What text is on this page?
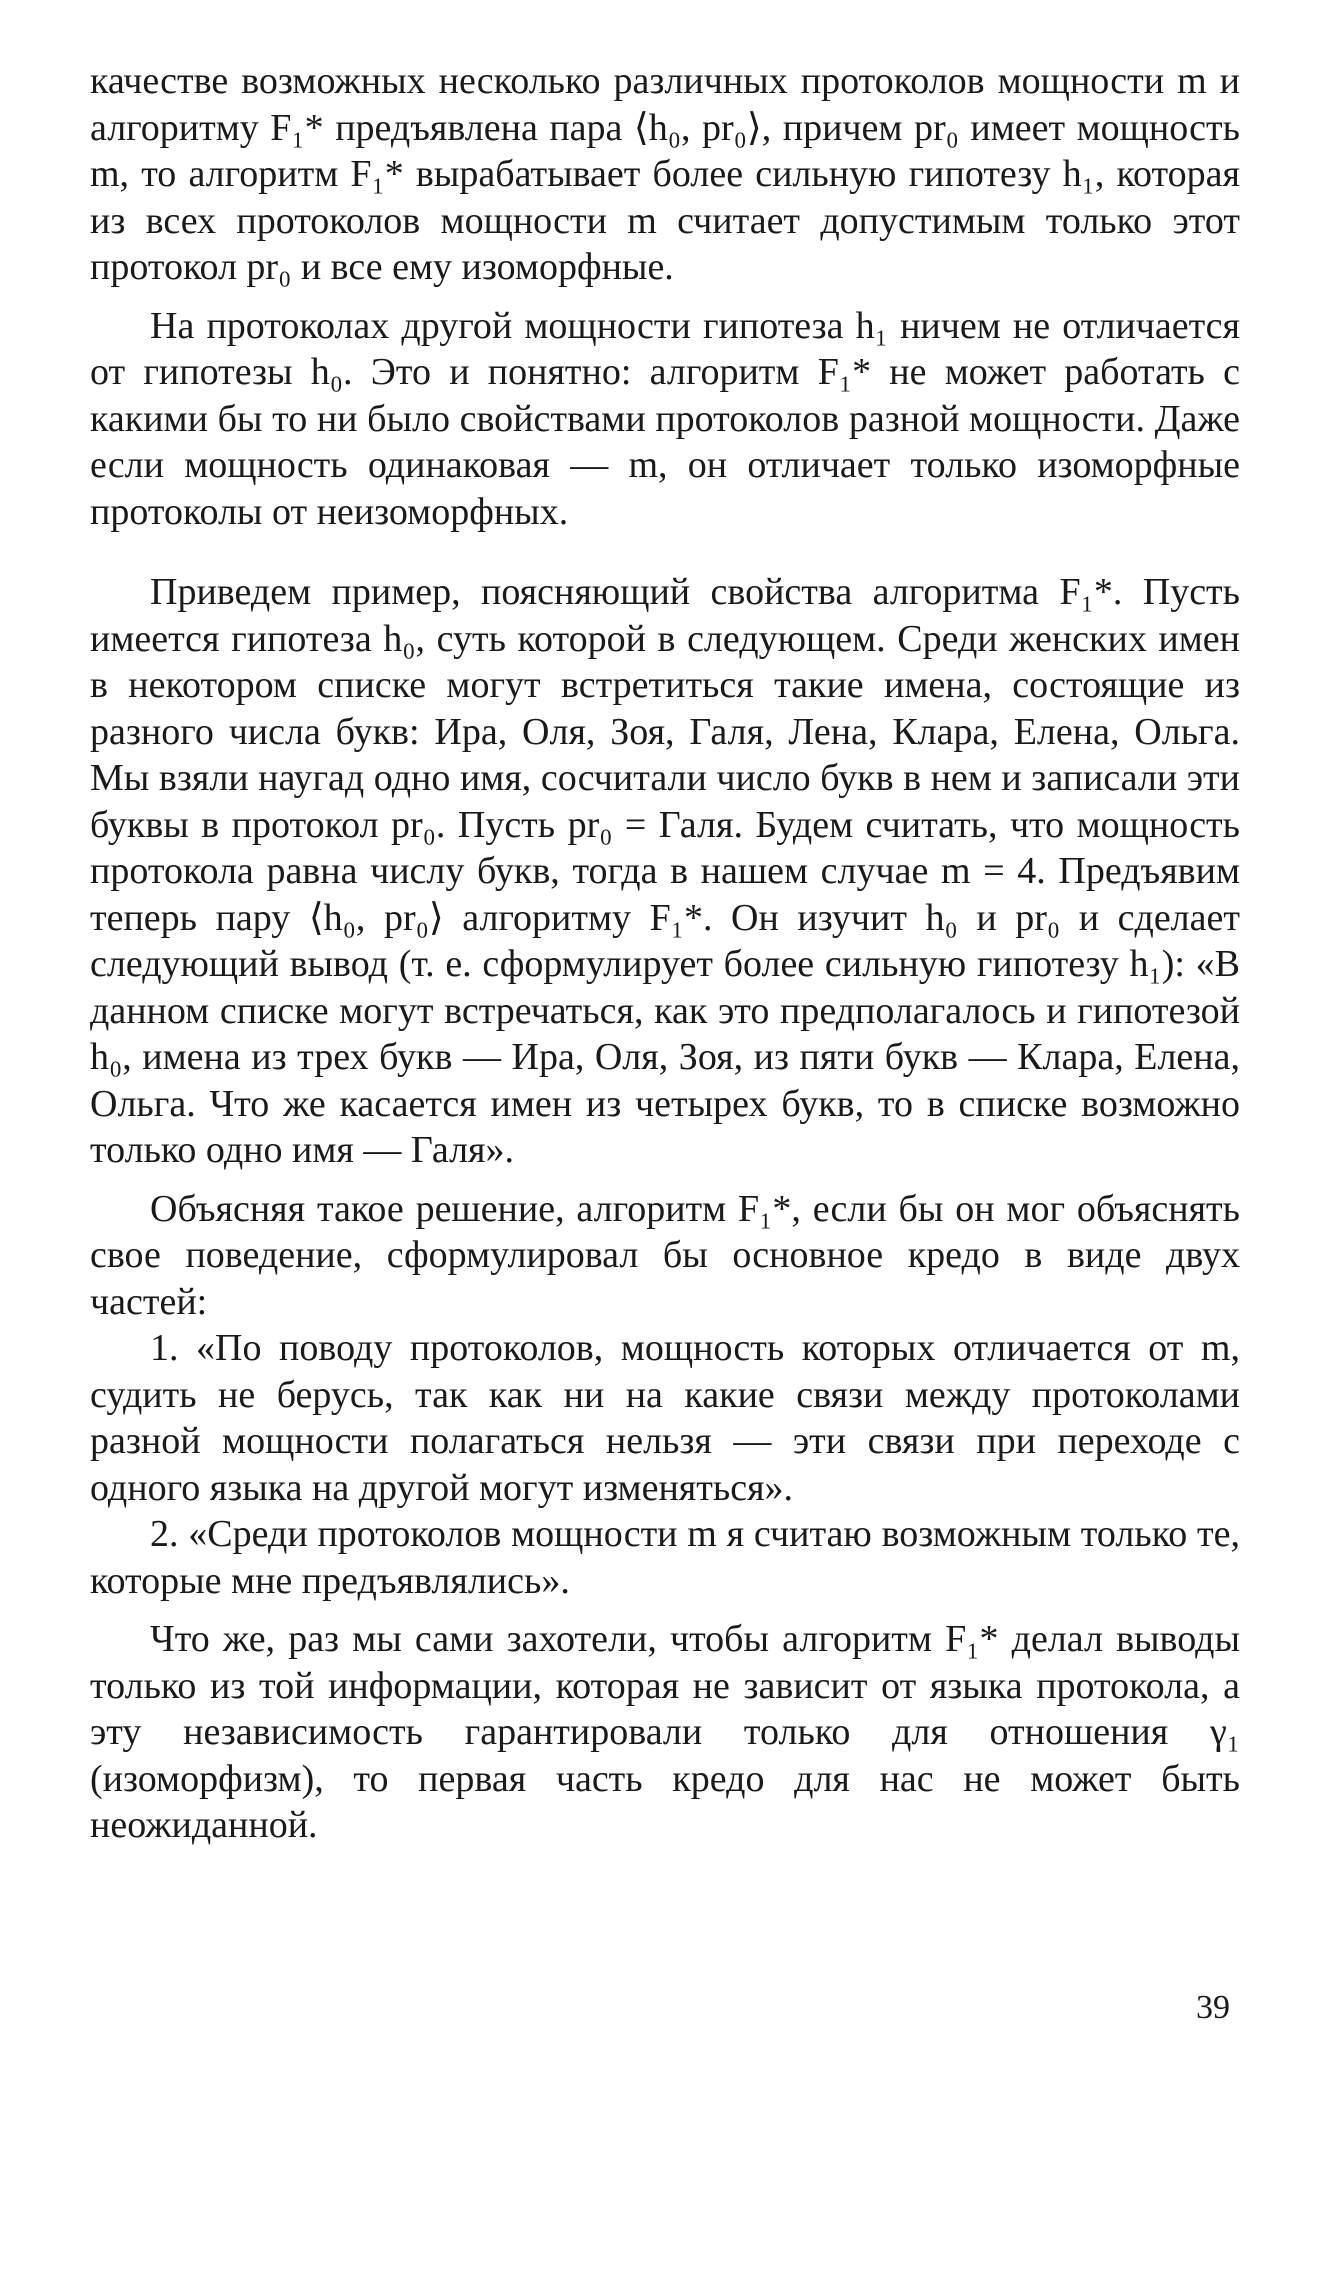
качестве возможных несколько различных протоколов мощности m и алгоритму F₁* предъявлена пара ⟨h₀, pr₀⟩, причем pr₀ имеет мощность m, то алгоритм F₁* вырабатывает более сильную гипотезу h₁, которая из всех протоколов мощности m считает допустимым только этот протокол pr₀ и все ему изоморфные.

На протоколах другой мощности гипотеза h₁ ничем не отличается от гипотезы h₀. Это и понятно: алгоритм F₁* не может работать с какими бы то ни было свойствами протоколов разной мощности. Даже если мощность одинаковая — m, он отличает только изоморфные протоколы от неизоморфных.

Приведем пример, поясняющий свойства алгоритма F₁*. Пусть имеется гипотеза h₀, суть которой в следующем. Среди женских имен в некотором списке могут встретиться такие имена, состоящие из разного числа букв: Ира, Оля, Зоя, Галя, Лена, Клара, Елена, Ольга. Мы взяли наугад одно имя, сосчитали число букв в нем и записали эти буквы в протокол pr₀. Пусть pr₀ = Галя. Будем считать, что мощность протокола равна числу букв, тогда в нашем случае m = 4. Предъявим теперь пару ⟨h₀, pr₀⟩ алгоритму F₁*. Он изучит h₀ и pr₀ и сделает следующий вывод (т. е. сформулирует более сильную гипотезу h₁): «В данном списке могут встречаться, как это предполагалось и гипотезой h₀, имена из трех букв — Ира, Оля, Зоя, из пяти букв — Клара, Елена, Ольга. Что же касается имен из четырех букв, то в списке возможно только одно имя — Галя».

Объясняя такое решение, алгоритм F₁*, если бы он мог объяснять свое поведение, сформулировал бы основное кредо в виде двух частей:

1. «По поводу протоколов, мощность которых отличается от m, судить не берусь, так как ни на какие связи между протоколами разной мощности полагаться нельзя — эти связи при переходе с одного языка на другой могут изменяться».

2. «Среди протоколов мощности m я считаю возможным только те, которые мне предъявлялись».

Что же, раз мы сами захотели, чтобы алгоритм F₁* делал выводы только из той информации, которая не зависит от языка протокола, а эту независимость гарантировали только для отношения γ₁ (изоморфизм), то первая часть кредо для нас не может быть неожиданной.

39
